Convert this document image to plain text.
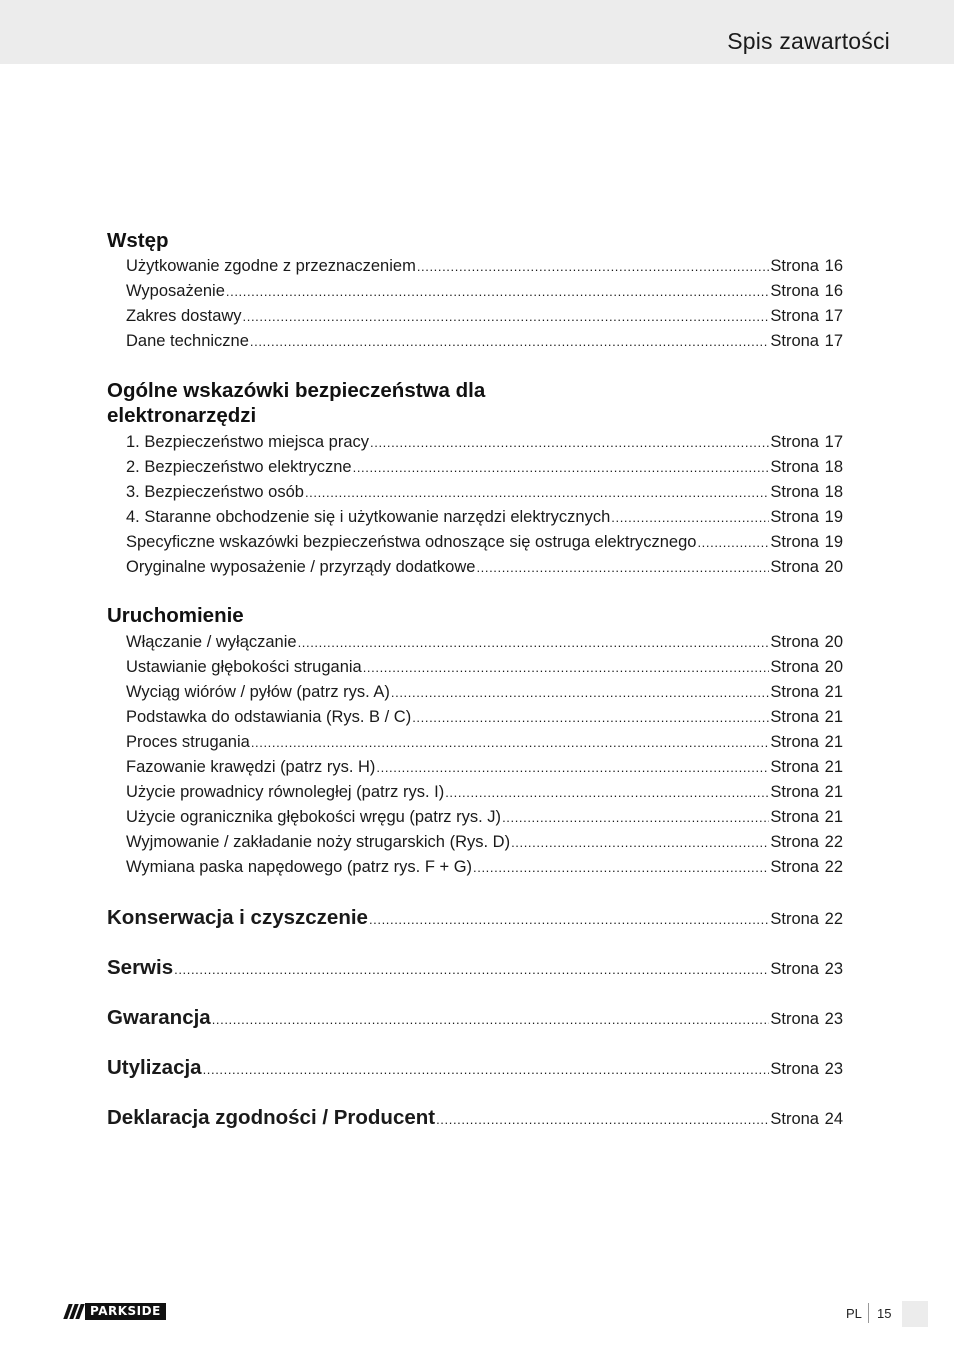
Spis zawartości
Wstęp
Użytkowanie zgodne z przeznaczeniem .....	Strona 16
Wyposażenie .....	Strona 16
Zakres dostawy .....	Strona 17
Dane techniczne .....	Strona 17
Ogólne wskazówki bezpieczeństwa dla
elektronarzędzi
1. Bezpieczeństwo miejsca pracy .....	Strona 17
2. Bezpieczeństwo elektryczne .....	Strona 18
3. Bezpieczeństwo osób .....	Strona 18
4. Staranne obchodzenie się i użytkowanie narzędzi elektrycznych .....	Strona 19
Specyficzne wskazówki bezpieczeństwa odnoszące się ostruga elektrycznego .....	Strona 19
Oryginalne wyposażenie / przyrządy dodatkowe .....	Strona 20
Uruchomienie
Włączanie / wyłączanie .....	Strona 20
Ustawianie głębokości strugania .....	Strona 20
Wyciąg wiórów / pyłów (patrz rys. A) .....	Strona 21
Podstawka do odstawiania (Rys. B / C) .....	Strona 21
Proces strugania .....	Strona 21
Fazowanie krawędzi (patrz rys. H) .....	Strona 21
Użycie prowadnicy równoległej (patrz rys. I) .....	Strona 21
Użycie ogranicznika głębokości wręgu (patrz rys. J) .....	Strona 21
Wyjmowanie / zakładanie noży strugarskich (Rys. D) .....	Strona 22
Wymiana paska napędowego (patrz rys. F + G) .....	Strona 22
Konserwacja i czyszczenie .....	Strona 22
Serwis .....	Strona 23
Gwarancja .....	Strona 23
Utylizacja .....	Strona 23
Deklaracja zgodności / Producent .....	Strona 24
PARKSIDE	PL 15
